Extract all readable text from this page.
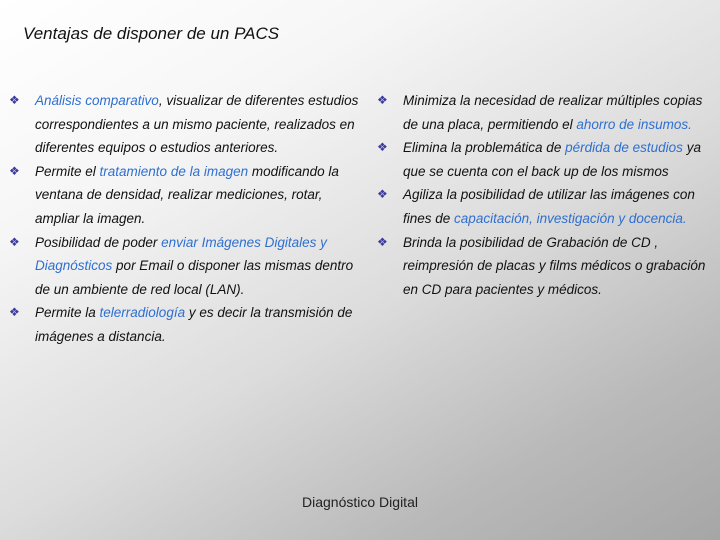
Ventajas de disponer de un PACS

❖ Análisis comparativo, visualizar de diferentes estudios correspondientes a un mismo paciente, realizados en diferentes equipos o estudios anteriores.

❖ Permite el tratamiento de la imagen modificando la ventana de densidad, realizar mediciones, rotar, ampliar la imagen.

❖ Posibilidad de poder enviar Imágenes Digitales y Diagnósticos por Email o disponer las mismas dentro de un ambiente de red local (LAN).

❖ Permite la telerradiología y es decir la transmisión de imágenes a distancia.

❖ Minimiza la necesidad de realizar múltiples copias de una placa, permitiendo el ahorro de insumos.

❖ Elimina la problemática de pérdida de estudios ya que se cuenta con el back up de los mismos

❖ Agiliza la posibilidad de utilizar las imágenes con fines de capacitación, investigación y docencia.

❖ Brinda la posibilidad de Grabación de CD , reimpresión de placas y films médicos o grabación en CD para pacientes y médicos.

Diagnóstico Digital
